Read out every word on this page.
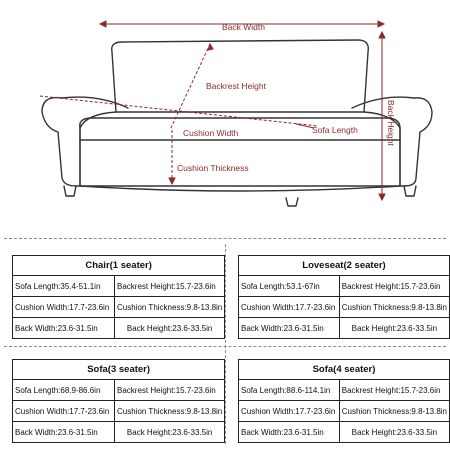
Back Width
Backrest Height
Cushion Width	Sofa Length
Cushion Thickness
Back Height
Chair(1 seater)	
Sofa Length:35.4-51.1in	Backrest Height:15.7-23.6in
Cushion Width:17.7-23.6in	Cushion Thickness:9.8-13.8in
Back Width:23.6-31.5in	Back Height:23.6-33.5in
Loveseat(2 seater)	
Sofa Length:53.1-67in	Backrest Height:15.7-23.6in
Cushion Width:17.7-23.6in	Cushion Thickness:9.8-13.8in
Back Width:23.6-31.5in	Back Height:23.6-33.5in
Sofa(3 seater)	
Sofa Length:68.9-86.6in	Backrest Height:15.7-23.6in
Cushion Width:17.7-23.6in	Cushion Thickness:9.8-13.8in
Back Width:23.6-31.5in	Back Height:23.6-33.5in
Sofa(4 seater)	
Sofa Length:88.6-114.1in	Backrest Height:15.7-23.6in
Cushion Width:17.7-23.6in	Cushion Thickness:9.8-13.8in
Back Width:23.6-31.5in	Back Height:23.6-33.5in
